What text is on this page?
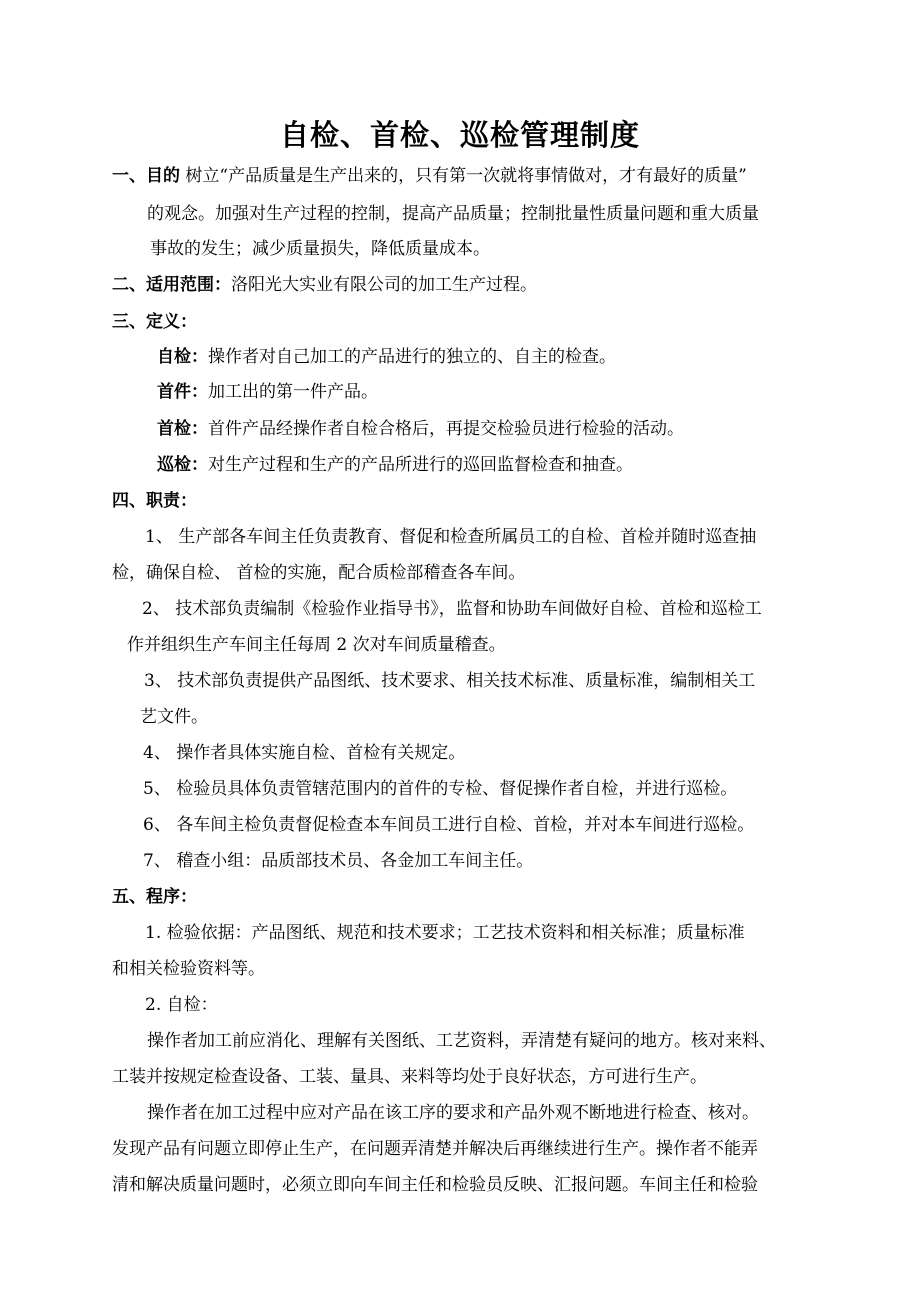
自检、首检、巡检管理制度
一、目的 树立“产品质量是生产出来的，只有第一次就将事情做对，才有最好的质量”
的观念。加强对生产过程的控制，提高产品质量；控制批量性质量问题和重大质量
事故的发生；减少质量损失，降低质量成本。
二、适用范围：洛阳光大实业有限公司的加工生产过程。
三、定义：
自检：操作者对自己加工的产品进行的独立的、自主的检查。
首件：加工出的第一件产品。
首检：首件产品经操作者自检合格后，再提交检验员进行检验的活动。
巡检：对生产过程和生产的产品所进行的巡回监督检查和抽查。
四、职责：
1、 生产部各车间主任负责教育、督促和检查所属员工的自检、首检并随时巡查抽
检，确保自检、 首检的实施，配合质检部稽查各车间。
2、 技术部负责编制《检验作业指导书》，监督和协助车间做好自检、首检和巡检工
作并组织生产车间主任每周 2 次对车间质量稽查。
3、 技术部负责提供产品图纸、技术要求、相关技术标准、质量标准，编制相关工
艺文件。
4、 操作者具体实施自检、首检有关规定。
5、 检验员具体负责管辖范围内的首件的专检、督促操作者自检，并进行巡检。
6、 各车间主检负责督促检查本车间员工进行自检、首检，并对本车间进行巡检。
7、 稽查小组：品质部技术员、各金加工车间主任。
五、程序：
1. 检验依据：产品图纸、规范和技术要求；工艺技术资料和相关标准；质量标准
和相关检验资料等。
2. 自检：
操作者加工前应消化、理解有关图纸、工艺资料，弄清楚有疑问的地方。核对来料、
工装并按规定检查设备、工装、量具、来料等均处于良好状态，方可进行生产。
操作者在加工过程中应对产品在该工序的要求和产品外观不断地进行检查、核对。
发现产品有问题立即停止生产，在问题弄清楚并解决后再继续进行生产。操作者不能弄
清和解决质量问题时，必须立即向车间主任和检验员反映、汇报问题。车间主任和检验
